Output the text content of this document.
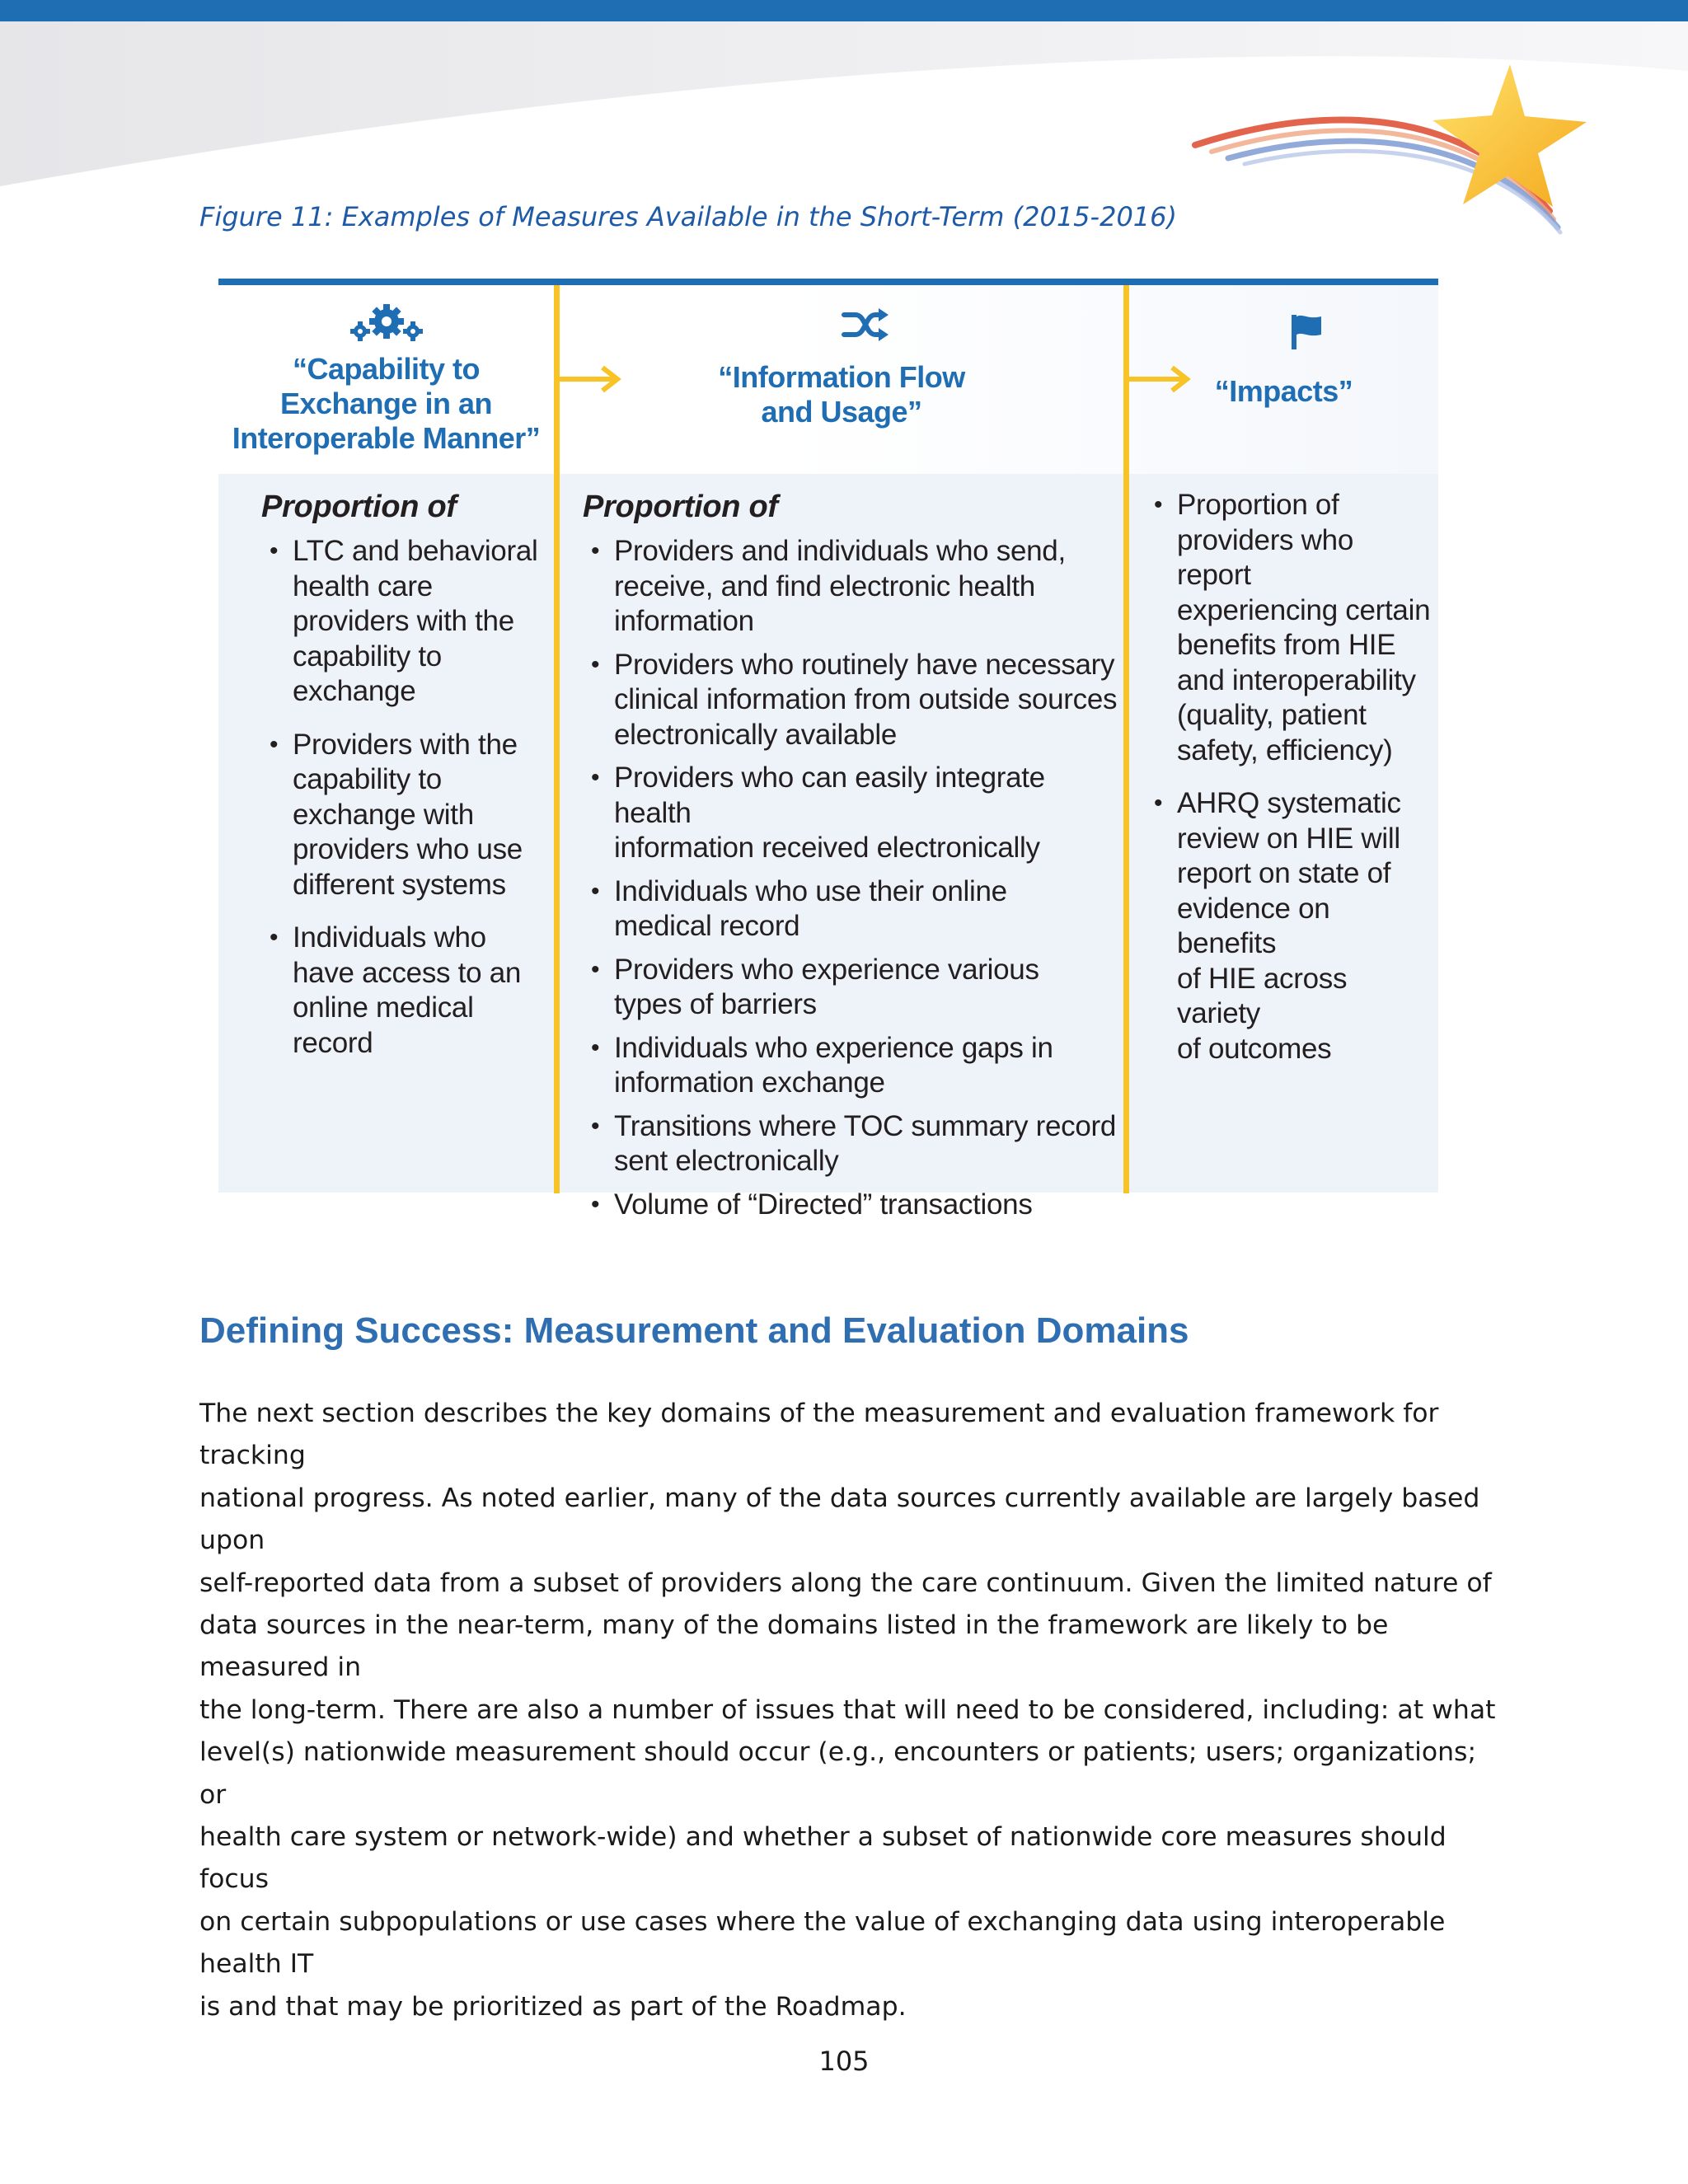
Figure 11: Examples of Measures Available in the Short-Term (2015-2016)
“Capability to
Exchange in an
Interoperable Manner”
“Information Flow
and Usage”
“Impacts”
Proportion of
• LTC and behavioral
health care
providers with the
capability to
exchange
• Providers with the
capability to
exchange with
providers who use
different systems
• Individuals who
have access to an
online medical
record
Proportion of
• Providers and individuals who send,
receive, and find electronic health information
• Providers who routinely have necessary
clinical information from outside sources
electronically available
• Providers who can easily integrate health
information received electronically
• Individuals who use their online
medical record
• Providers who experience various
types of barriers
• Individuals who experience gaps in
information exchange
• Transitions where TOC summary record
sent electronically
• Volume of “Directed” transactions
• Proportion of
providers who report
experiencing certain
benefits from HIE
and interoperability
(quality, patient
safety, efficiency)
• AHRQ systematic
review on HIE will
report on state of
evidence on benefits
of HIE across variety
of outcomes
Defining Success: Measurement and Evaluation Domains
The next section describes the key domains of the measurement and evaluation framework for tracking
national progress. As noted earlier, many of the data sources currently available are largely based upon
self-reported data from a subset of providers along the care continuum. Given the limited nature of
data sources in the near-term, many of the domains listed in the framework are likely to be measured in
the long-term. There are also a number of issues that will need to be considered, including: at what
level(s) nationwide measurement should occur (e.g., encounters or patients; users; organizations; or
health care system or network-wide) and whether a subset of nationwide core measures should focus
on certain subpopulations or use cases where the value of exchanging data using interoperable health IT
is and that may be prioritized as part of the Roadmap.
105
